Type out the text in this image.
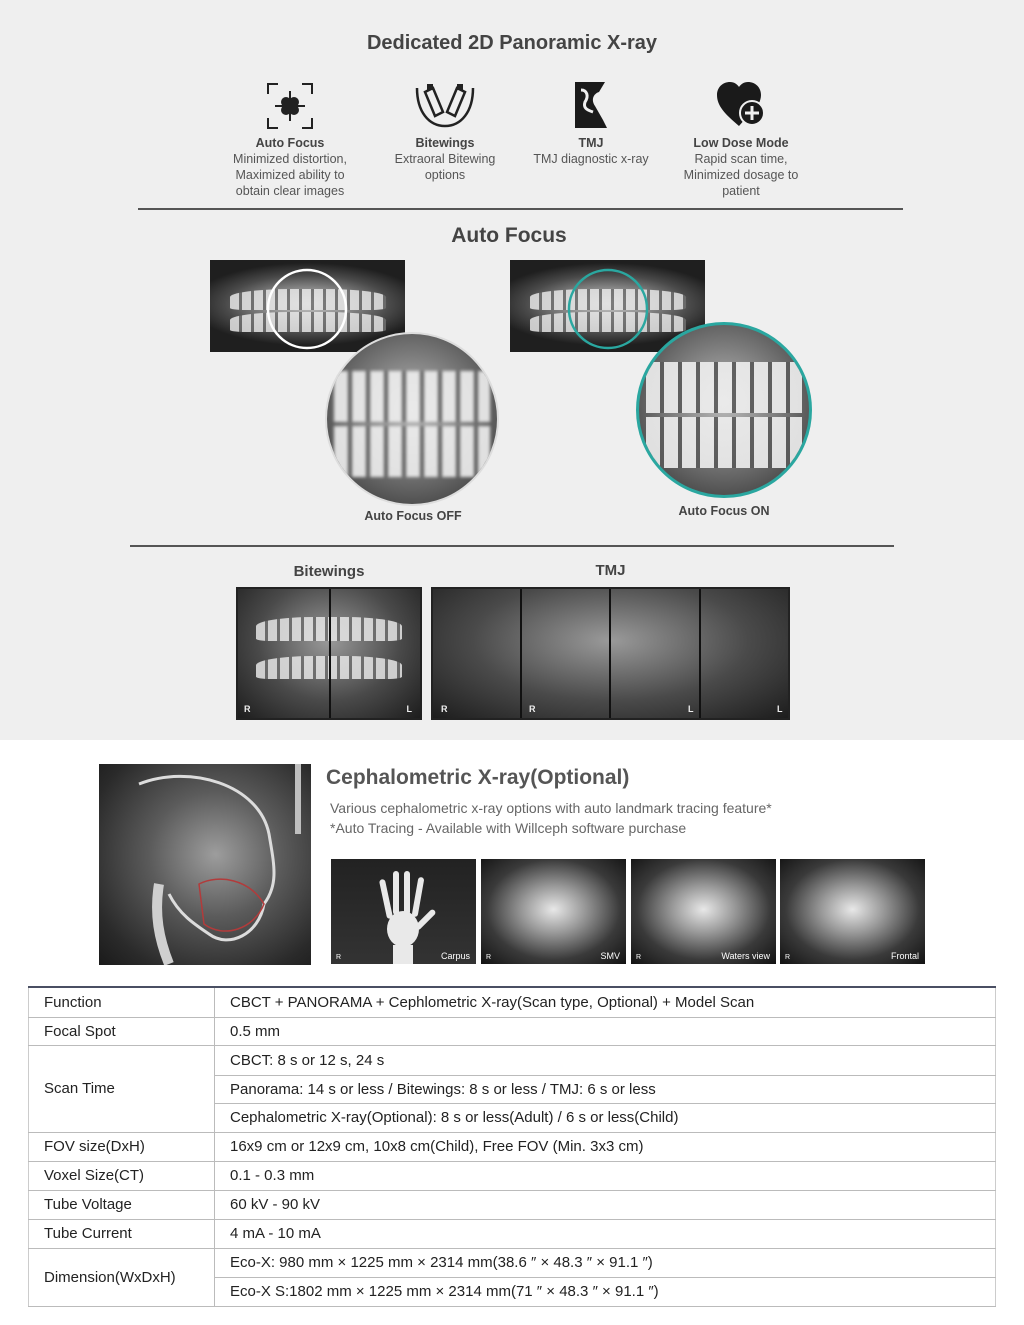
Dedicated 2D Panoramic X-ray
Auto Focus
Minimized distortion,
Maximized ability to
obtain clear images
Bitewings
Extraoral Bitewing
options
TMJ
TMJ diagnostic x-ray
Low Dose Mode
Rapid scan time,
Minimized dosage to
patient
Auto Focus
Auto Focus OFF	Auto Focus ON
Bitewings	TMJ
R	L	R	R	L	L
Cephalometric X-ray(Optional)
Various cephalometric x-ray options with auto landmark tracing feature*
*Auto Tracing - Available with Willceph software purchase
R	Carpus R	SMV R	Waters view R	Frontal
Function	CBCT + PANORAMA + Cephlometric X-ray(Scan type, Optional) + Model Scan
Focal Spot	0.5 mm
Scan Time	CBCT: 8 s or 12 s, 24 s
	Panorama: 14 s or less / Bitewings: 8 s or less / TMJ: 6 s or less
	Cephalometric X-ray(Optional): 8 s or less(Adult) / 6 s or less(Child)
FOV size(DxH)	16x9 cm or 12x9 cm, 10x8 cm(Child), Free FOV (Min. 3x3 cm)
Voxel Size(CT)	0.1 - 0.3 mm
Tube Voltage	60 kV - 90 kV
Tube Current	4 mA - 10 mA
Dimension(WxDxH)	Eco-X: 980 mm × 1225 mm × 2314 mm(38.6 ″ × 48.3 ″ × 91.1 ″)
	Eco-X S:1802 mm × 1225 mm × 2314 mm(71 ″ × 48.3 ″ × 91.1 ″)
